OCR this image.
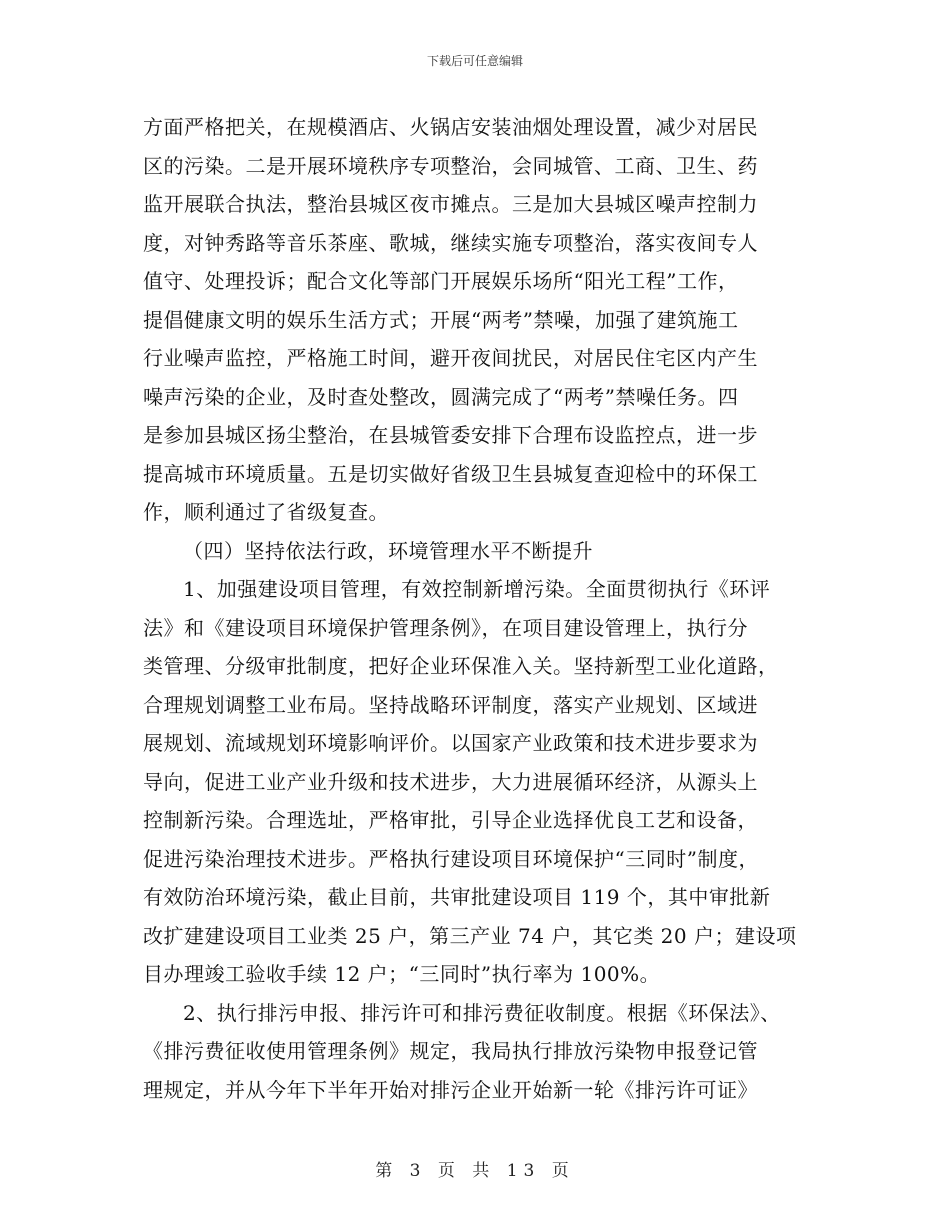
下载后可任意编辑
方面严格把关，在规模酒店、火锅店安装油烟处理设置，减少对居民
区的污染。二是开展环境秩序专项整治，会同城管、工商、卫生、药
监开展联合执法，整治县城区夜市摊点。三是加大县城区噪声控制力
度，对钟秀路等音乐茶座、歌城，继续实施专项整治，落实夜间专人
值守、处理投诉；配合文化等部门开展娱乐场所“阳光工程”工作，
提倡健康文明的娱乐生活方式；开展“两考”禁噪，加强了建筑施工
行业噪声监控，严格施工时间，避开夜间扰民，对居民住宅区内产生
噪声污染的企业，及时查处整改，圆满完成了“两考”禁噪任务。四
是参加县城区扬尘整治，在县城管委安排下合理布设监控点，进一步
提高城市环境质量。五是切实做好省级卫生县城复查迎检中的环保工
作，顺利通过了省级复查。
（四）坚持依法行政，环境管理水平不断提升
1、加强建设项目管理，有效控制新增污染。全面贯彻执行《环评
法》和《建设项目环境保护管理条例》，在项目建设管理上，执行分
类管理、分级审批制度，把好企业环保准入关。坚持新型工业化道路，
合理规划调整工业布局。坚持战略环评制度，落实产业规划、区域进
展规划、流域规划环境影响评价。以国家产业政策和技术进步要求为
导向，促进工业产业升级和技术进步，大力进展循环经济，从源头上
控制新污染。合理选址，严格审批，引导企业选择优良工艺和设备，
促进污染治理技术进步。严格执行建设项目环境保护“三同时”制度，
有效防治环境污染，截止目前，共审批建设项目 119 个，其中审批新
改扩建建设项目工业类 25 户，第三产业 74 户，其它类 20 户；建设项
目办理竣工验收手续 12 户；“三同时”执行率为 100%。
2、执行排污申报、排污许可和排污费征收制度。根据《环保法》、
《排污费征收使用管理条例》规定，我局执行排放污染物申报登记管
理规定，并从今年下半年开始对排污企业开始新一轮《排污许可证》
第 3 页 共 13 页
